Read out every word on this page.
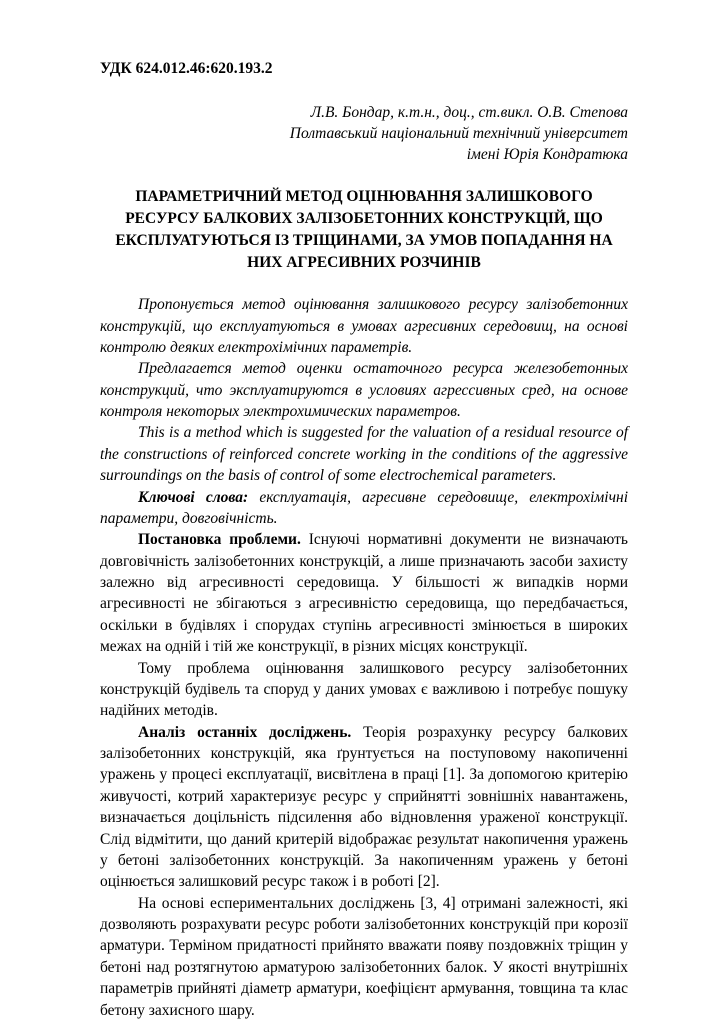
УДК 624.012.46:620.193.2
Л.В. Бондар, к.т.н., доц., ст.викл. О.В. Степова
Полтавський національний технічний університет
імені Юрія Кондратюка
ПАРАМЕТРИЧНИЙ МЕТОД ОЦІНЮВАННЯ ЗАЛИШКОВОГО РЕСУРСУ БАЛКОВИХ ЗАЛІЗОБЕТОННИХ КОНСТРУКЦІЙ, ЩО ЕКСПЛУАТУЮТЬСЯ ІЗ ТРІЩИНАМИ, ЗА УМОВ ПОПАДАННЯ НА НИХ АГРЕСИВНИХ РОЗЧИНІВ

Пропонується метод оцінювання залишкового ресурсу залізобетонних конструкцій, що експлуатуються в умовах агресивних середовищ, на основі контролю деяких електрохімічних параметрів.

Предлагается метод оценки остаточного ресурса железобетонных конструкций, что эксплуатируются в условиях агрессивных сред, на основе контроля некоторых электрохимических параметров.

This is a method which is suggested for the valuation of a residual resource of the constructions of reinforced concrete working in the conditions of the aggressive surroundings on the basis of control of some electrochemical parameters.

Ключові слова: експлуатація, агресивне середовище, електрохімічні параметри, довговічність.

Постановка проблеми. Існуючі нормативні документи не визначають довговічність залізобетонних конструкцій, а лише призначають засоби захисту залежно від агресивності середовища. У більшості ж випадків норми агресивності не збігаються з агресивністю середовища, що передбачається, оскільки в будівлях і спорудах ступінь агресивності змінюється в широких межах на одній і тій же конструкції, в різних місцях конструкції.

Тому проблема оцінювання залишкового ресурсу залізобетонних конструкцій будівель та споруд у даних умовах є важливою і потребує пошуку надійних методів.

Аналіз останніх досліджень. Теорія розрахунку ресурсу балкових залізобетонних конструкцій, яка ґрунтується на поступовому накопиченні уражень у процесі експлуатації, висвітлена в праці [1]. За допомогою критерію живучості, котрий характеризує ресурс у сприйнятті зовнішніх навантажень, визначається доцільність підсилення або відновлення ураженої конструкції. Слід відмітити, що даний критерій відображає результат накопичення уражень у бетоні залізобетонних конструкцій. За накопиченням уражень у бетоні оцінюється залишковий ресурс також і в роботі [2].

На основі еспериментальних досліджень [3, 4] отримані залежності, які дозволяють розрахувати ресурс роботи залізобетонних конструкцій при корозії арматури. Терміном придатності прийнято вважати появу поздовжніх тріщин у бетоні над розтягнутою арматурою залізобетонних балок. У якості внутрішніх параметрів прийняті діаметр арматури, коефіцієнт армування, товщина та клас бетону захисного шару.
